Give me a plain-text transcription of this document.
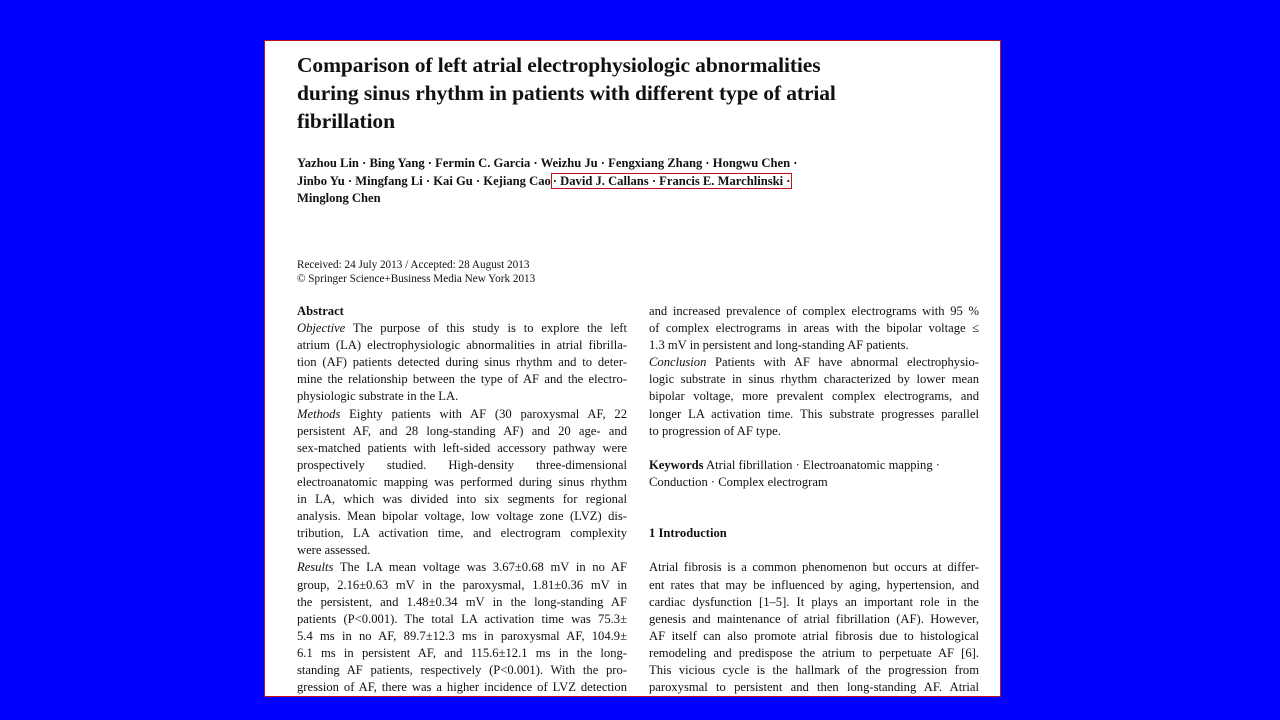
Comparison of left atrial electrophysiologic abnormalities
during sinus rhythm in patients with different type of atrial
fibrillation
Yazhou Lin · Bing Yang · Fermin C. Garcia · Weizhu Ju · Fengxiang Zhang · Hongwu Chen ·
Jinbo Yu · Mingfang Li · Kai Gu · Kejiang Cao · David J. Callans · Francis E. Marchlinski ·
Minglong Chen
Received: 24 July 2013 / Accepted: 28 August 2013
© Springer Science+Business Media New York 2013
Abstract
Objective The purpose of this study is to explore the left
atrium (LA) electrophysiologic abnormalities in atrial fibrilla-
tion (AF) patients detected during sinus rhythm and to deter-
mine the relationship between the type of AF and the electro-
physiologic substrate in the LA.
Methods Eighty patients with AF (30 paroxysmal AF, 22
persistent AF, and 28 long-standing AF) and 20 age- and
sex-matched patients with left-sided accessory pathway were
prospectively studied. High-density three-dimensional
electroanatomic mapping was performed during sinus rhythm
in LA, which was divided into six segments for regional
analysis. Mean bipolar voltage, low voltage zone (LVZ) dis-
tribution, LA activation time, and electrogram complexity
were assessed.
Results The LA mean voltage was 3.67±0.68 mV in no AF
group, 2.16±0.63 mV in the paroxysmal, 1.81±0.36 mV in
the persistent, and 1.48±0.34 mV in the long-standing AF
patients (P<0.001). The total LA activation time was 75.3±
5.4 ms in no AF, 89.7±12.3 ms in paroxysmal AF, 104.9±
6.1 ms in persistent AF, and 115.6±12.1 ms in the long-
standing AF patients, respectively (P<0.001). With the pro-
gression of AF, there was a higher incidence of LVZ detection
and increased prevalence of complex electrograms with 95 %
of complex electrograms in areas with the bipolar voltage ≤
1.3 mV in persistent and long-standing AF patients.
Conclusion Patients with AF have abnormal electrophysio-
logic substrate in sinus rhythm characterized by lower mean
bipolar voltage, more prevalent complex electrograms, and
longer LA activation time. This substrate progresses parallel
to progression of AF type.
Keywords Atrial fibrillation · Electroanatomic mapping ·
Conduction · Complex electrogram
1 Introduction
Atrial fibrosis is a common phenomenon but occurs at differ-
ent rates that may be influenced by aging, hypertension, and
cardiac dysfunction [1–5]. It plays an important role in the
genesis and maintenance of atrial fibrillation (AF). However,
AF itself can also promote atrial fibrosis due to histological
remodeling and predispose the atrium to perpetuate AF [6].
This vicious cycle is the hallmark of the progression from
paroxysmal to persistent and then long-standing AF. Atrial
